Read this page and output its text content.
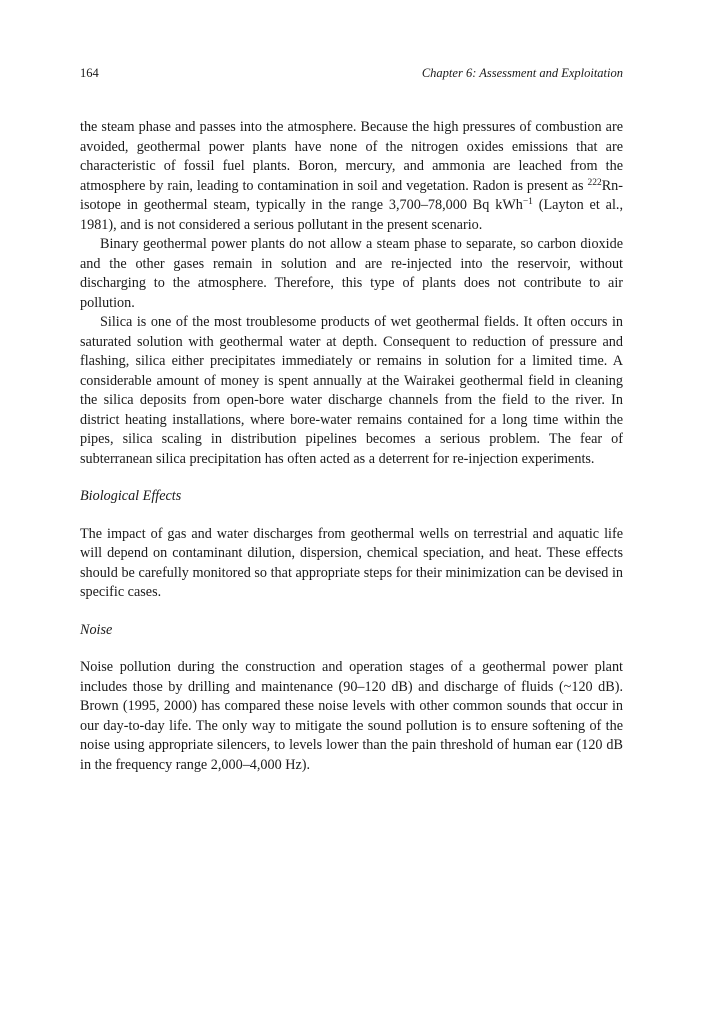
164	Chapter 6: Assessment and Exploitation

the steam phase and passes into the atmosphere. Because the high pressures of combustion are avoided, geothermal power plants have none of the nitrogen oxides emissions that are characteristic of fossil fuel plants. Boron, mercury, and ammonia are leached from the atmosphere by rain, leading to contamination in soil and vegetation. Radon is present as $^{222}$Rn-isotope in geothermal steam, typically in the range 3,700–78,000 Bq kWh$^{-1}$ (Layton et al., 1981), and is not considered a serious pollutant in the present scenario.

Binary geothermal power plants do not allow a steam phase to separate, so carbon dioxide and the other gases remain in solution and are re-injected into the reservoir, without discharging to the atmosphere. Therefore, this type of plants does not contribute to air pollution.

Silica is one of the most troublesome products of wet geothermal fields. It often occurs in saturated solution with geothermal water at depth. Consequent to reduction of pressure and flashing, silica either precipitates immediately or remains in solution for a limited time. A considerable amount of money is spent annually at the Wairakei geothermal field in cleaning the silica deposits from open-bore water discharge channels from the field to the river. In district heating installations, where bore-water remains contained for a long time within the pipes, silica scaling in distribution pipelines becomes a serious problem. The fear of subterranean silica precipitation has often acted as a deterrent for re-injection experiments.

Biological Effects

The impact of gas and water discharges from geothermal wells on terrestrial and aquatic life will depend on contaminant dilution, dispersion, chemical speciation, and heat. These effects should be carefully monitored so that appropriate steps for their minimization can be devised in specific cases.

Noise

Noise pollution during the construction and operation stages of a geothermal power plant includes those by drilling and maintenance (90–120 dB) and discharge of fluids (~120 dB). Brown (1995, 2000) has compared these noise levels with other common sounds that occur in our day-to-day life. The only way to mitigate the sound pollution is to ensure softening of the noise using appropriate silencers, to levels lower than the pain threshold of human ear (120 dB in the frequency range 2,000–4,000 Hz).
